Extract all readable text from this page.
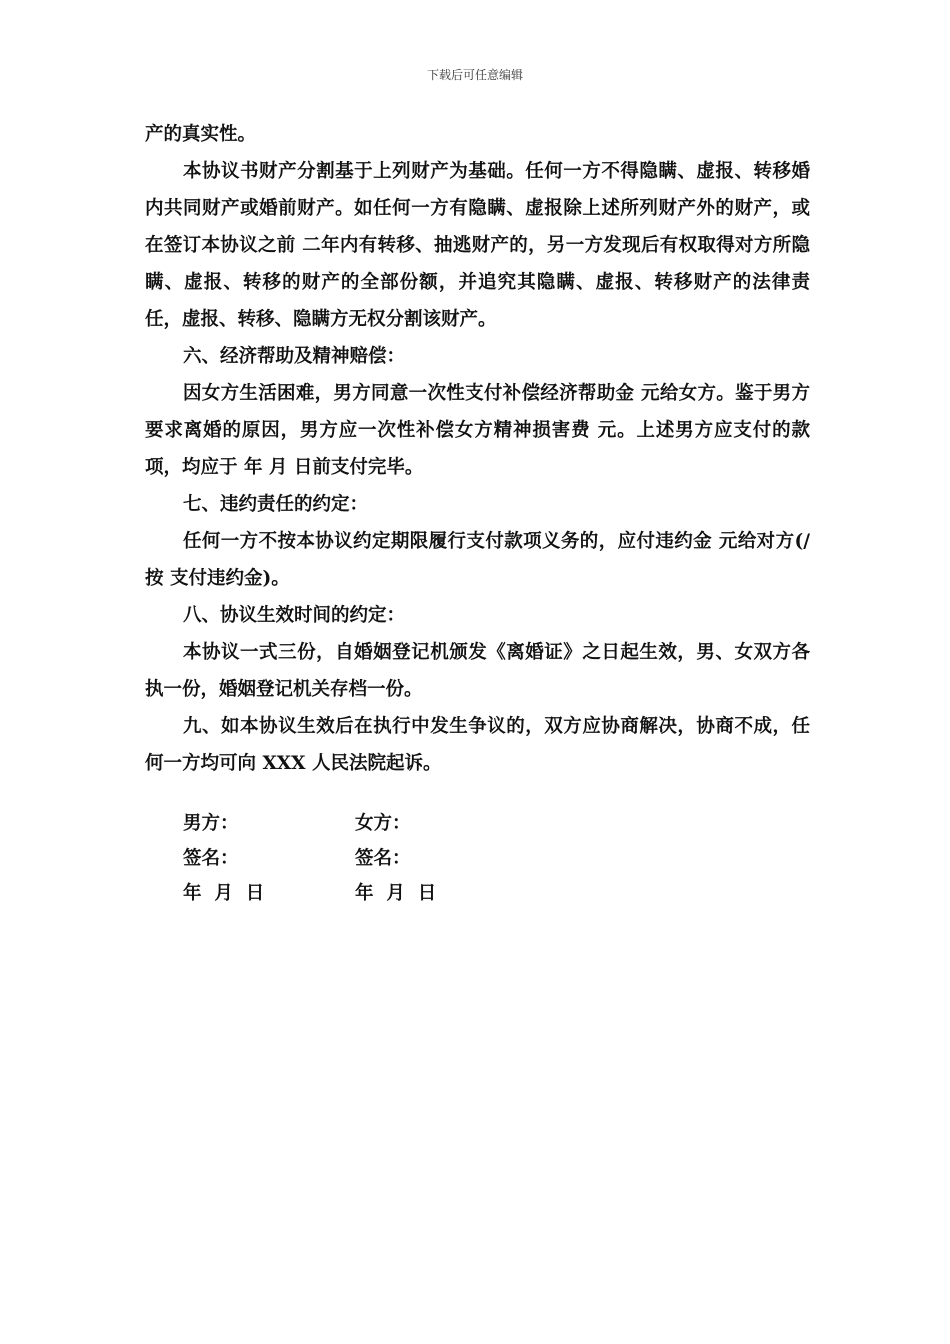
下载后可任意编辑

产的真实性。

本协议书财产分割基于上列财产为基础。任何一方不得隐瞒、虚报、转移婚内共同财产或婚前财产。如任何一方有隐瞒、虚报除上述所列财产外的财产，或在签订本协议之前 二年内有转移、抽逃财产的，另一方发现后有权取得对方所隐瞒、虚报、转移的财产的全部份额，并追究其隐瞒、虚报、转移财产的法律责任，虚报、转移、隐瞒方无权分割该财产。

六、经济帮助及精神赔偿：

因女方生活困难，男方同意一次性支付补偿经济帮助金 元给女方。鉴于男方要求离婚的原因，男方应一次性补偿女方精神损害费 元。上述男方应支付的款项，均应于 年 月 日前支付完毕。

七、违约责任的约定：

任何一方不按本协议约定期限履行支付款项义务的，应付违约金 元给对方(/按 支付违约金)。

八、协议生效时间的约定：

本协议一式三份，自婚姻登记机颁发《离婚证》之日起生效，男、女双方各执一份，婚姻登记机关存档一份。

九、如本协议生效后在执行中发生争议的，双方应协商解决，协商不成，任何一方均可向 XXX 人民法院起诉。

男方：	女方：
签名：	签名：
年  月  日	年  月  日
